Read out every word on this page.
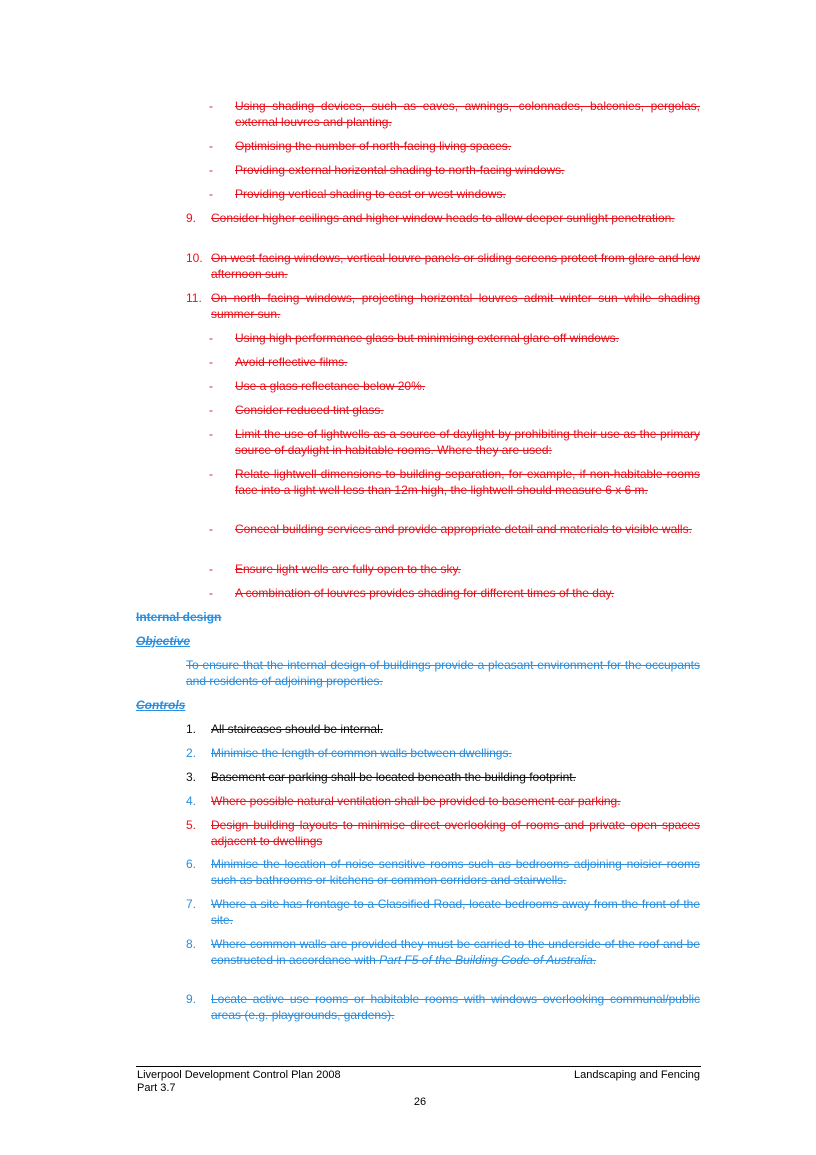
- Using shading devices, such as eaves, awnings, colonnades, balconies, pergolas, external louvres and planting.
- Optimising the number of north-facing living spaces.
- Providing external horizontal shading to north-facing windows.
- Providing vertical shading to east or west windows.
9. Consider higher ceilings and higher window heads to allow deeper sunlight penetration.
10. On west facing windows, vertical louvre panels or sliding screens protect from glare and low afternoon sun.
11. On north facing windows, projecting horizontal louvres admit winter sun while shading summer sun.
- Using high performance glass but minimising external glare off windows.
- Avoid reflective films.
- Use a glass reflectance below 20%.
- Consider reduced tint glass.
- Limit the use of lightwells as a source of daylight by prohibiting their use as the primary source of daylight in habitable rooms. Where they are used:
- Relate lightwell dimensions to building separation, for example, if non-habitable rooms face into a light well less than 12m high, the lightwell should measure 6 x 6 m.
- Conceal building services and provide appropriate detail and materials to visible walls.
- Ensure light wells are fully open to the sky.
- A combination of louvres provides shading for different times of the day.
Internal design
Objective
To ensure that the internal design of buildings provide a pleasant environment for the occupants and residents of adjoining properties.
Controls
1. All staircases should be internal.
2. Minimise the length of common walls between dwellings.
3. Basement car parking shall be located beneath the building footprint.
4. Where possible natural ventilation shall be provided to basement car parking.
5. Design building layouts to minimise direct overlooking of rooms and private open spaces adjacent to dwellings
6. Minimise the location of noise sensitive rooms such as bedrooms adjoining noisier rooms such as bathrooms or kitchens or common corridors and stairwells.
7. Where a site has frontage to a Classified Road, locate bedrooms away from the front of the site.
8. Where common walls are provided they must be carried to the underside of the roof and be constructed in accordance with Part F5 of the Building Code of Australia.
9. Locate active use rooms or habitable rooms with windows overlooking communal/public areas (e.g. playgrounds, gardens).
Liverpool Development Control Plan 2008
Part 3.7
Landscaping and Fencing
26
